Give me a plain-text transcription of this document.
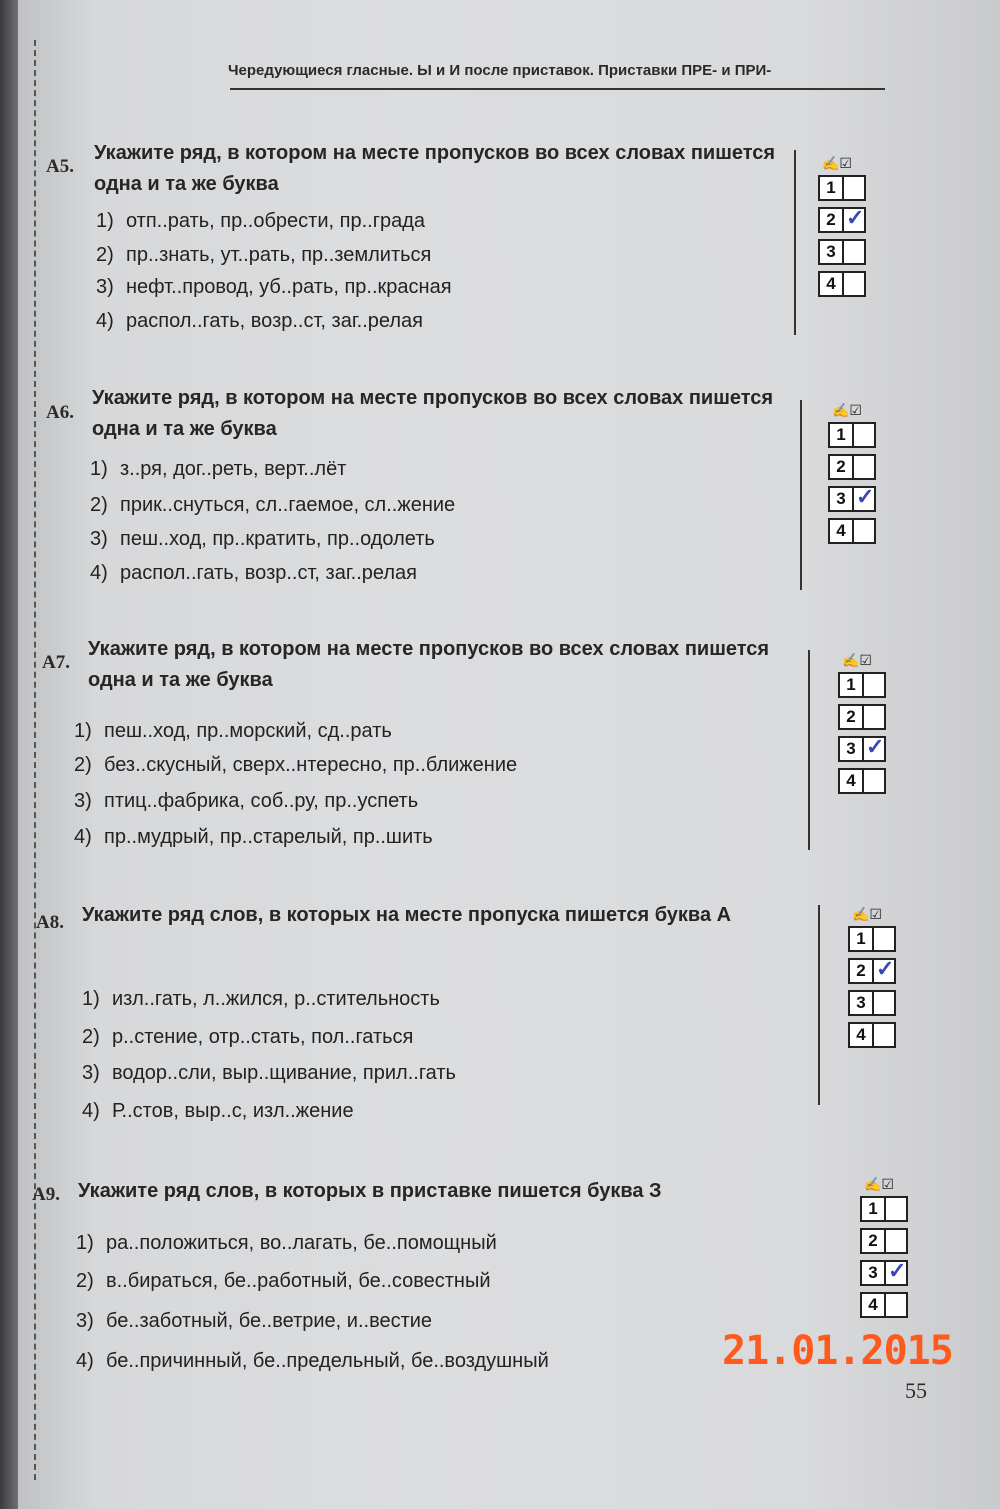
Чередующиеся гласные. Ы и И после приставок. Приставки ПРЕ- и ПРИ-
А5.
Укажите ряд, в котором на месте пропусков во всех словах пишется одна и та же буква
1) отп..рать, пр..обрести, пр..града
2) пр..знать, ут..рать, пр..землиться
3) нефт..провод, уб..рать, пр..красная
4) распол..гать, возр..ст, заг..релая
✍☑
1
2 ✓
3
4
А6.
Укажите ряд, в котором на месте пропусков во всех словах пишется одна и та же буква
1) з..ря, дог..реть, верт..лёт
2) прик..снуться, сл..гаемое, сл..жение
3) пеш..ход, пр..кратить, пр..одолеть
4) распол..гать, возр..ст, заг..релая
✍☑
1
2
3 ✓
4
А7.
Укажите ряд, в котором на месте пропусков во всех словах пишется одна и та же буква
1) пеш..ход, пр..морский, сд..рать
2) без..скусный, сверх..нтересно, пр..ближение
3) птиц..фабрика, соб..ру, пр..успеть
4) пр..мудрый, пр..старелый, пр..шить
✍☑
1
2
3 ✓
4
А8. Укажите ряд слов, в которых на месте пропуска пишется буква А
1) изл..гать, л..жился, р..стительность
2) р..стение, отр..стать, пол..гаться
3) водор..сли, выр..щивание, прил..гать
4) Р..стов, выр..с, изл..жение
✍☑
1
2 ✓
3
4
А9. Укажите ряд слов, в которых в приставке пишется буква З
1) ра..положиться, во..лагать, бе..помощный
2) в..бираться, бе..работный, бе..совестный
3) бе..заботный, бе..ветрие, и..вестие
4) бе..причинный, бе..предельный, бе..воздушный
✍☑
1
2
3 ✓
4
21.01.2015
55
